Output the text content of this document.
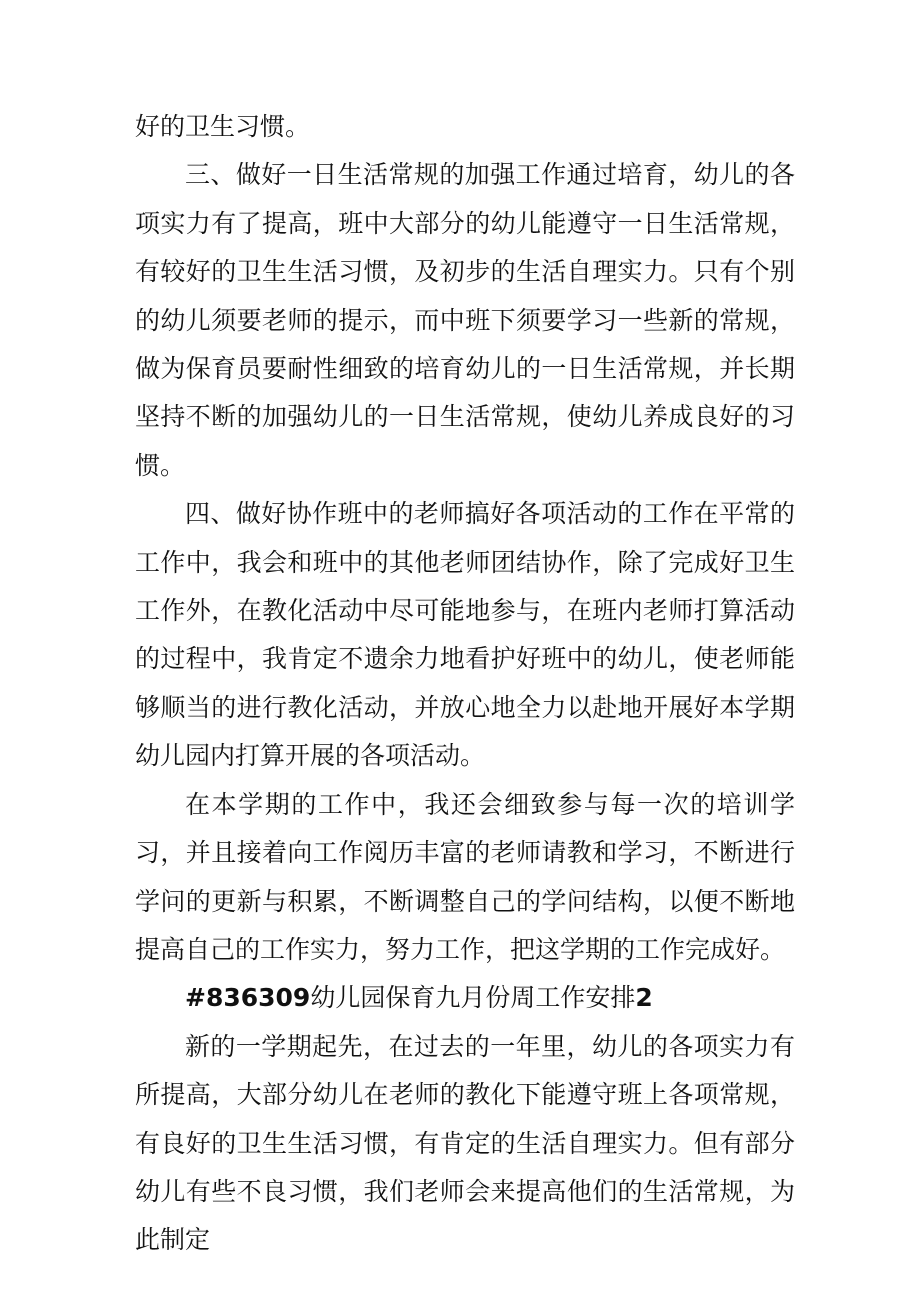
好的卫生习惯。

三、做好一日生活常规的加强工作通过培育，幼儿的各项实力有了提高，班中大部分的幼儿能遵守一日生活常规，有较好的卫生生活习惯，及初步的生活自理实力。只有个别的幼儿须要老师的提示，而中班下须要学习一些新的常规，做为保育员要耐性细致的培育幼儿的一日生活常规，并长期坚持不断的加强幼儿的一日生活常规，使幼儿养成良好的习惯。

四、做好协作班中的老师搞好各项活动的工作在平常的工作中，我会和班中的其他老师团结协作，除了完成好卫生工作外，在教化活动中尽可能地参与，在班内老师打算活动的过程中，我肯定不遗余力地看护好班中的幼儿，使老师能够顺当的进行教化活动，并放心地全力以赴地开展好本学期幼儿园内打算开展的各项活动。

在本学期的工作中，我还会细致参与每一次的培训学习，并且接着向工作阅历丰富的老师请教和学习，不断进行学问的更新与积累，不断调整自己的学问结构，以便不断地提高自己的工作实力，努力工作，把这学期的工作完成好。

#836309幼儿园保育九月份周工作安排2

新的一学期起先，在过去的一年里，幼儿的各项实力有所提高，大部分幼儿在老师的教化下能遵守班上各项常规，有良好的卫生生活习惯，有肯定的生活自理实力。但有部分幼儿有些不良习惯，我们老师会来提高他们的生活常规，为此制定
